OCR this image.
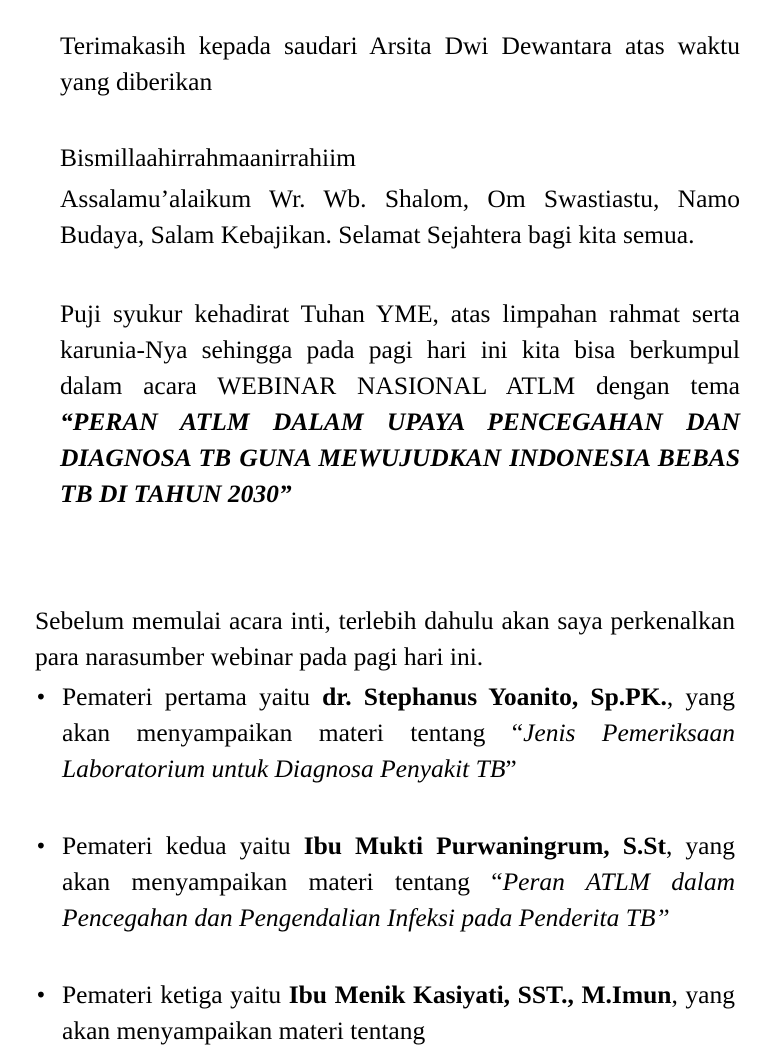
Terimakasih kepada saudari Arsita Dwi Dewantara atas waktu yang diberikan

Bismillaahirrahmaanirrahiim

Assalamu’alaikum Wr. Wb. Shalom, Om Swastiastu, Namo Budaya, Salam Kebajikan. Selamat Sejahtera bagi kita semua.

Puji syukur kehadirat Tuhan YME, atas limpahan rahmat serta karunia-Nya sehingga pada pagi hari ini kita bisa berkumpul dalam acara WEBINAR NASIONAL ATLM dengan tema “PERAN ATLM DALAM UPAYA PENCEGAHAN DAN DIAGNOSA TB GUNA MEWUJUDKAN INDONESIA BEBAS TB DI TAHUN 2030”

Sebelum memulai acara inti, terlebih dahulu akan saya perkenalkan para narasumber webinar pada pagi hari ini.

• Pemateri pertama yaitu dr. Stephanus Yoanito, Sp.PK., yang akan menyampaikan materi tentang “Jenis Pemeriksaan Laboratorium untuk Diagnosa Penyakit TB”

• Pemateri kedua yaitu Ibu Mukti Purwaningrum, S.St, yang akan menyampaikan materi tentang “Peran ATLM dalam Pencegahan dan Pengendalian Infeksi pada Penderita TB”

• Pemateri ketiga yaitu Ibu Menik Kasiyati, SST., M.Imun, yang akan menyampaikan materi tentang
